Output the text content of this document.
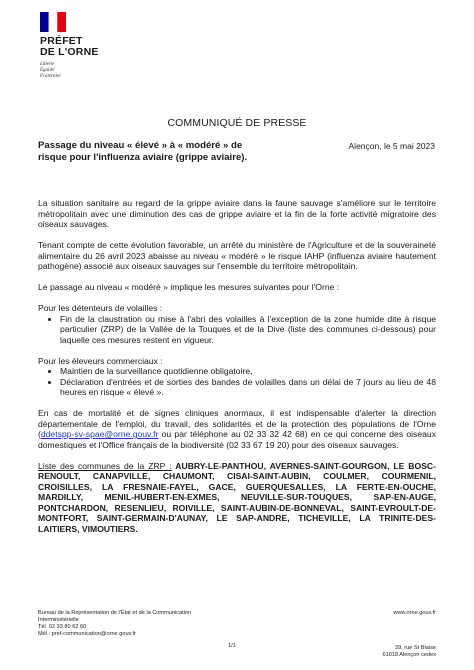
PRÉFET
DE L'ORNE
Liberté
Égalité
Fraternité
COMMUNIQUÉ DE PRESSE
Passage du niveau « élevé » à « modéré » de
risque pour l'influenza aviaire (grippe aviaire).
Alençon, le 5 mai 2023

La situation sanitaire au regard de la grippe aviaire dans la faune sauvage s'améliore sur le territoire métropolitain avec une diminution des cas de grippe aviaire et la fin de la forte activité migratoire des oiseaux sauvages.

Tenant compte de cette évolution favorable, un arrêté du ministère de l'Agriculture et de la souveraineté alimentaire du 26 avril 2023 abaisse au niveau « modéré » le risque IAHP (influenza aviaire hautement pathogène) associé aux oiseaux sauvages sur l'ensemble du territoire métropolitain.

Le passage au niveau « modéré » implique les mesures suivantes pour l'Orne :

Pour les détenteurs de volailles :

• Fin de la claustration ou mise à l'abri des volailles à l'exception de la zone humide dite à risque particulier (ZRP) de la Vallée de la Touques et de la Dive (liste des communes ci-dessous) pour laquelle ces mesures restent en vigueur.

Pour les éleveurs commerciaux :

• Maintien de la surveillance quotidienne obligatoire,
• Déclaration d'entrées et de sorties des bandes de volailles dans un délai de 7 jours au lieu de 48 heures en risque « élevé ».

En cas de mortalité et de signes cliniques anormaux, il est indispensable d'alerter la direction départementale de l'emploi, du travail, des solidarités et de la protection des populations de l'Orne (ddetspp-sv-spae@orne.gouv.fr ou par téléphone au 02 33 32 42 68) en ce qui concerne des oiseaux domestiques et l'Office français de la biodiversité (02 33 67 19 20) pour des oiseaux sauvages.

Liste des communes de la ZRP : AUBRY-LE-PANTHOU, AVERNES-SAINT-GOURGON, LE BOSC-RENOULT, CANAPVILLE, CHAUMONT, CISAI-SAINT-AUBIN, COULMER, COURMENIL, CROISILLES, LA FRESNAIE-FAYEL, GACE, GUERQUESALLES, LA FERTE-EN-OUCHE, MARDILLY, MENIL-HUBERT-EN-EXMES, NEUVILLE-SUR-TOUQUES, SAP-EN-AUGE, PONTCHARDON, RESENLIEU, ROIVILLE, SAINT-AUBIN-DE-BONNEVAL, SAINT-EVROULT-DE-MONTFORT, SAINT-GERMAIN-D'AUNAY, LE SAP-ANDRE, TICHEVILLE, LA TRINITE-DES-LAITIERS, VIMOUTIERS.

Bureau de la Représentation de l'État et de la Communication
Interministérielle
Tél. 02 33 80 62 60
Mél : pref-communication@orne.gouv.fr
1/1
www.orne.gouv.fr
39, rue St Blaise
61018 Alençon cedex
